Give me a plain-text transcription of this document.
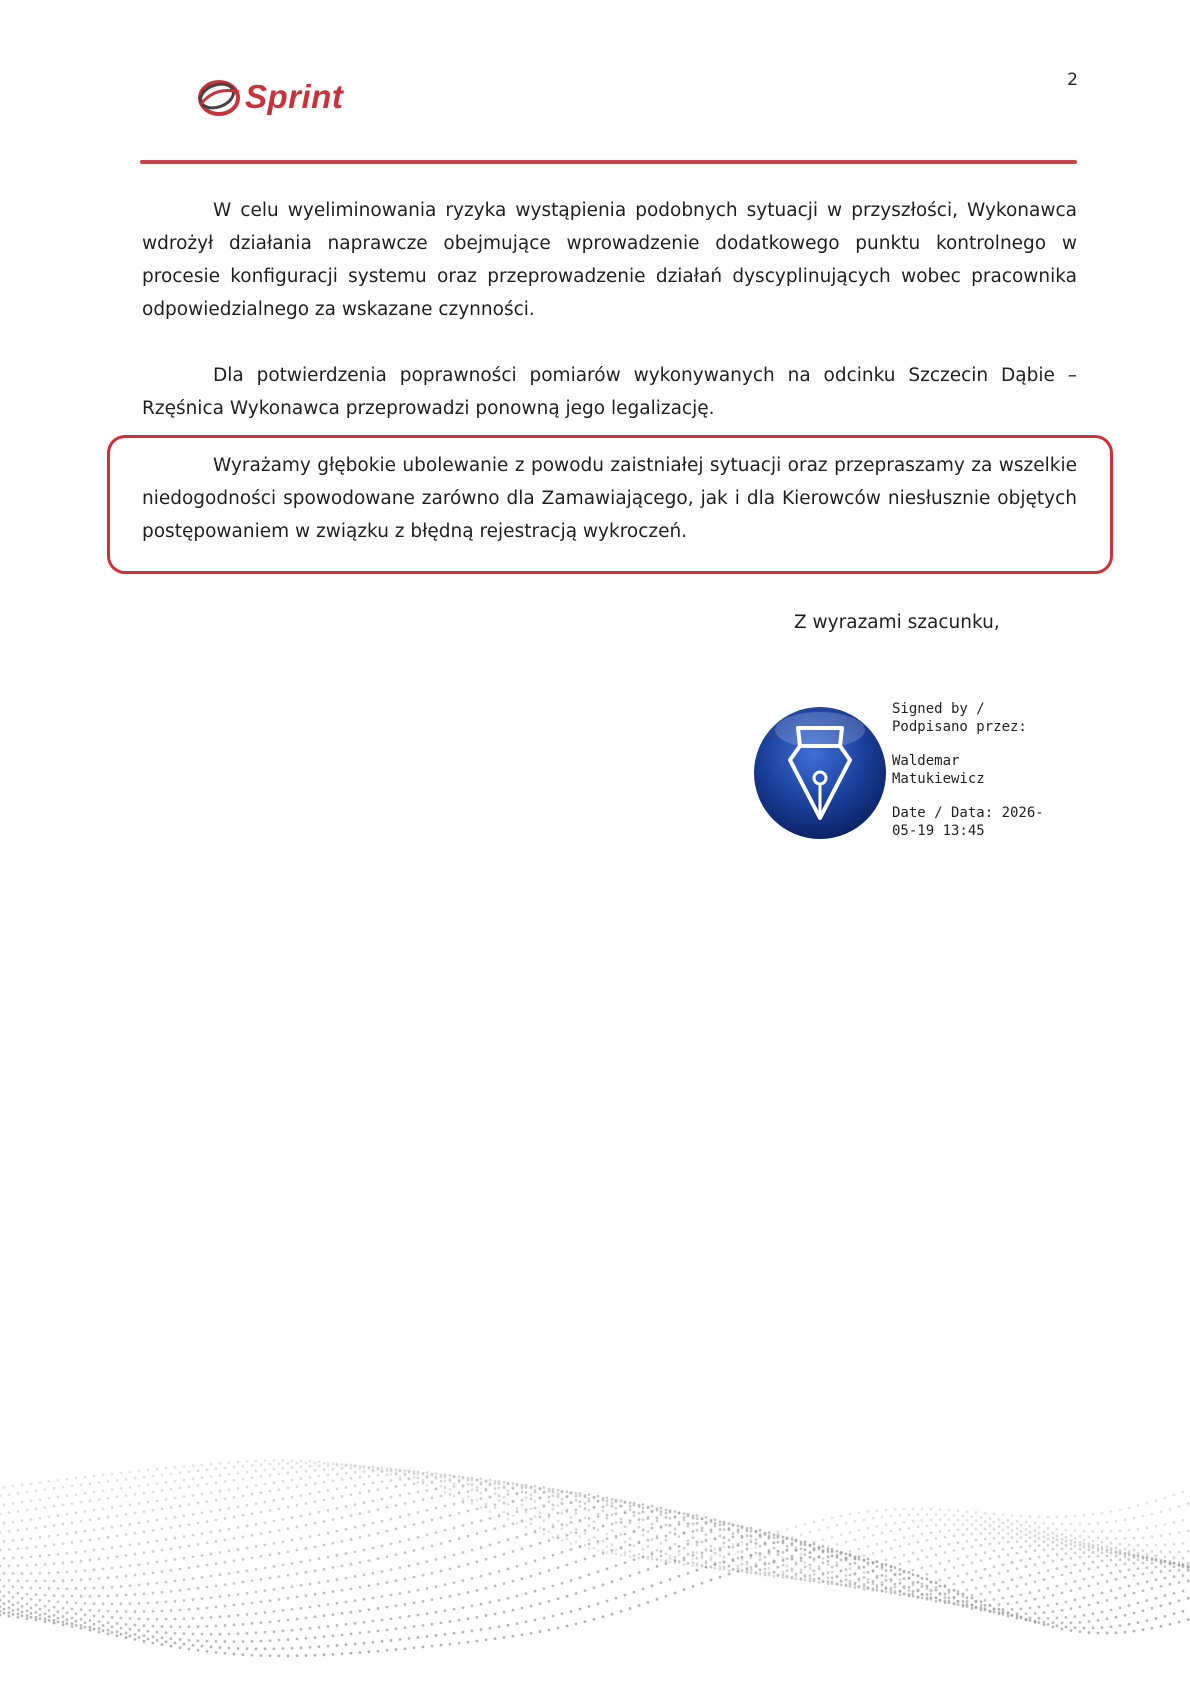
Sprint	2

W celu wyeliminowania ryzyka wystąpienia podobnych sytuacji w przyszłości, Wykonawca wdrożył działania naprawcze obejmujące wprowadzenie dodatkowego punktu kontrolnego w procesie konfiguracji systemu oraz przeprowadzenie działań dyscyplinujących wobec pracownika odpowiedzialnego za wskazane czynności.

Dla potwierdzenia poprawności pomiarów wykonywanych na odcinku Szczecin Dąbie – Rzęśnica Wykonawca przeprowadzi ponowną jego legalizację.

Wyrażamy głębokie ubolewanie z powodu zaistniałej sytuacji oraz przepraszamy za wszelkie niedogodności spowodowane zarówno dla Zamawiającego, jak i dla Kierowców niesłusznie objętych postępowaniem w związku z błędną rejestracją wykroczeń.

Z wyrazami szacunku,
Signed by /
Podpisano przez:
Waldemar
Matukiewicz
Date / Data: 2026-
05-19 13:45
